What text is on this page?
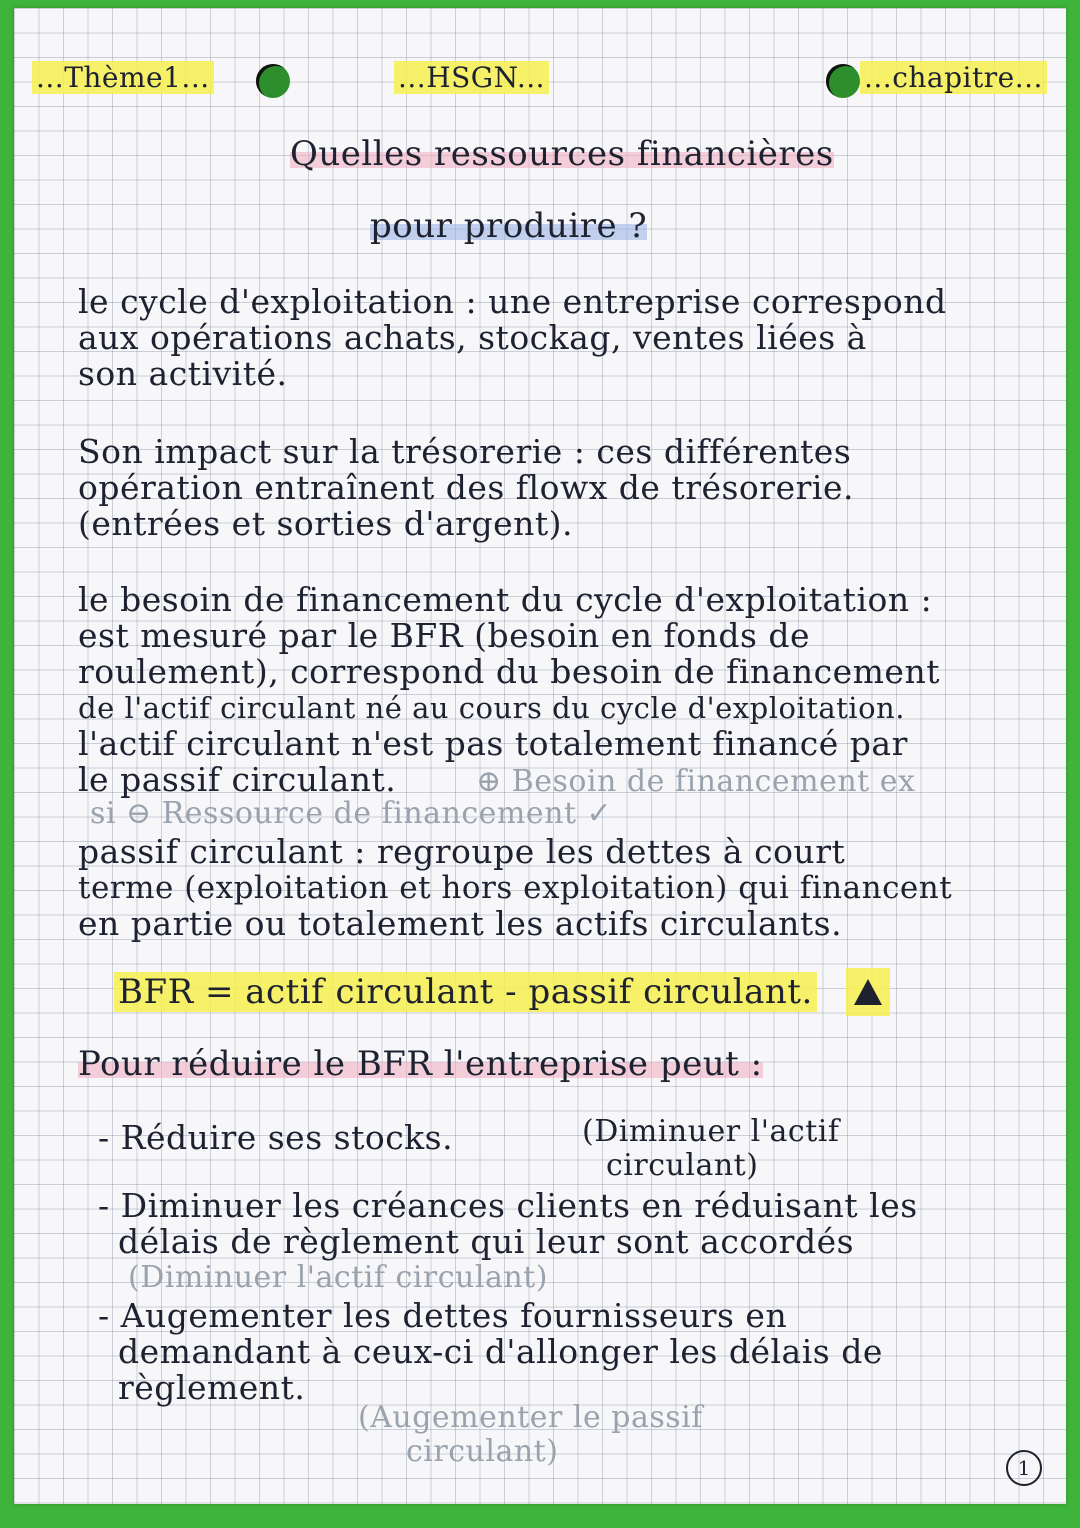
...Thème1...	...HSGN...	...chapitre...
Quelles ressources financières
pour produire ?
le cycle d'exploitation : une entreprise correspond
aux opérations achats, stockag, ventes liées à
son activité.
Son impact sur la trésorerie : ces différentes
opération entraînent des flowx de trésorerie.
(entrées et sorties d'argent).
le besoin de financement du cycle d'exploitation :
est mesuré par le BFR (besoin en fonds de
roulement), correspond du besoin de financement
de l'actif circulant né au cours du cycle d'exploitation.
l'actif circulant n'est pas totalement financé par
le passif circulant.	⊕ Besoin de financement ex
si ⊖ Ressource de financement ✓
passif circulant : regroupe les dettes à court
terme (exploitation et hors exploitation) qui financent
en partie ou totalement les actifs circulants.
BFR = actif circulant - passif circulant.
Pour réduire le BFR l'entreprise peut :
- Réduire ses stocks.	(Diminuer l'actif
circulant)
- Diminuer les créances clients en réduisant les
délais de règlement qui leur sont accordés
(Diminuer l'actif circulant)
- Augementer les dettes fournisseurs en
demandant à ceux-ci d'allonger les délais de
règlement.
(Augementer le passif
circulant)	1
